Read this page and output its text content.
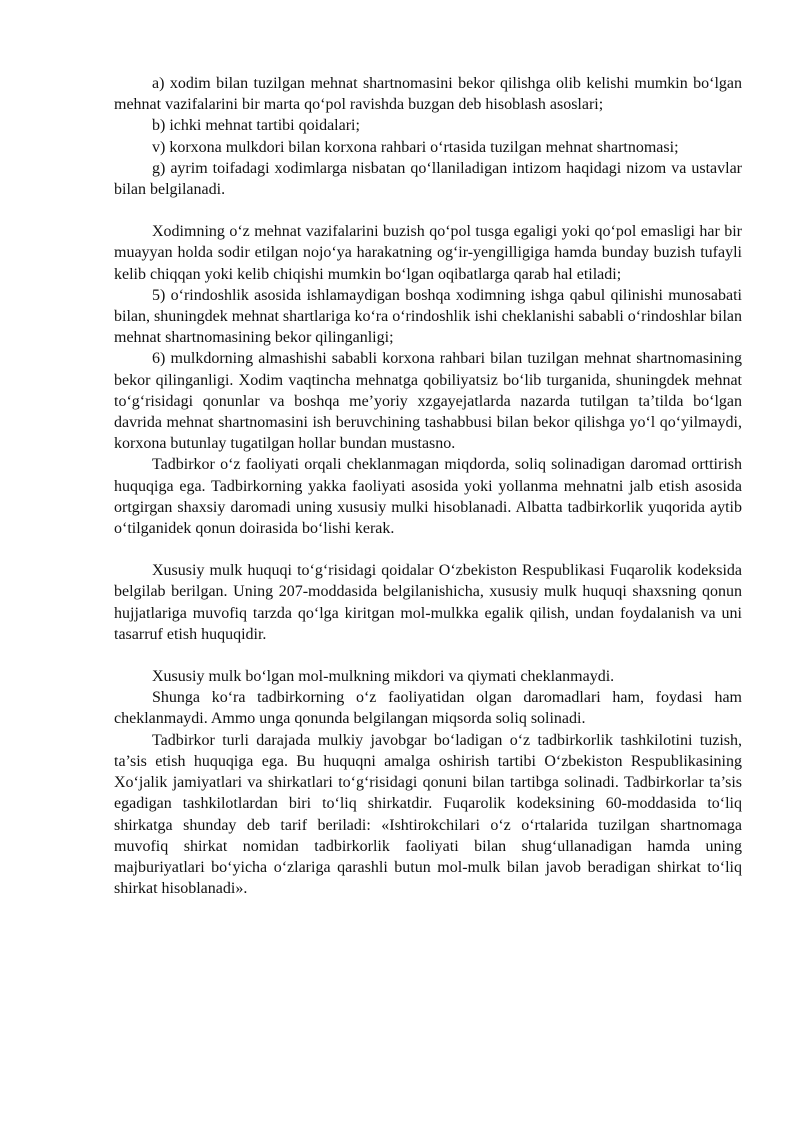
a) xodim bilan tuzilgan mehnat shartnomasini bekor qilishga olib kelishi mumkin bo‘lgan mehnat vazifalarini bir marta qo‘pol ravishda buzgan deb hisoblash asoslari;

b) ichki mehnat tartibi qoidalari;

v) korxona mulkdori bilan korxona rahbari o‘rtasida tuzilgan mehnat shartnomasi;

g) ayrim toifadagi xodimlarga nisbatan qo‘llaniladigan intizom haqidagi nizom va ustavlar bilan belgilanadi.

Xodimning o‘z mehnat vazifalarini buzish qo‘pol tusga egaligi yoki qo‘pol emasligi har bir muayyan holda sodir etilgan nojo‘ya harakatning og‘ir-yengilligiga hamda bunday buzish tufayli kelib chiqqan yoki kelib chiqishi mumkin bo‘lgan oqibatlarga qarab hal etiladi;

5) o‘rindoshlik asosida ishlamaydigan boshqa xodimning ishga qabul qilinishi munosabati bilan, shuningdek mehnat shartlariga ko‘ra o‘rindoshlik ishi cheklanishi sababli o‘rindoshlar bilan mehnat shartnomasining bekor qilinganligi;

6) mulkdorning almashishi sababli korxona rahbari bilan tuzilgan mehnat shartnomasining bekor qilinganligi. Xodim vaqtincha mehnatga qobiliyatsiz bo‘lib turganida, shuningdek mehnat to‘g‘risidagi qonunlar va boshqa me’yoriy xzgayejatlarda nazarda tutilgan ta’tilda bo‘lgan davrida mehnat shartnomasini ish beruvchining tashabbusi bilan bekor qilishga yo‘l qo‘yilmaydi, korxona butunlay tugatilgan hollar bundan mustasno.

Tadbirkor o‘z faoliyati orqali cheklanmagan miqdorda, soliq solinadigan daromad orttirish huquqiga ega. Tadbirkorning yakka faoliyati asosida yoki yollanma mehnatni jalb etish asosida ortgirgan shaxsiy daromadi uning xususiy mulki hisoblanadi. Albatta tadbirkorlik yuqorida aytib o‘tilganidek qonun doirasida bo‘lishi kerak.

Xususiy mulk huquqi to‘g‘risidagi qoidalar O‘zbekiston Respublikasi Fuqarolik kodeksida belgilab berilgan. Uning 207-moddasida belgilanishicha, xususiy mulk huquqi shaxsning qonun hujjatlariga muvofiq tarzda qo‘lga kiritgan mol-mulkka egalik qilish, undan foydalanish va uni tasarruf etish huquqidir.

Xususiy mulk bo‘lgan mol-mulkning mikdori va qiymati cheklanmaydi.

Shunga ko‘ra tadbirkorning o‘z faoliyatidan olgan daromadlari ham, foydasi ham cheklanmaydi. Ammo unga qonunda belgilangan miqsorda soliq solinadi.

Tadbirkor turli darajada mulkiy javobgar bo‘ladigan o‘z tadbirkorlik tashkilotini tuzish, ta’sis etish huquqiga ega. Bu huquqni amalga oshirish tartibi O‘zbekiston Respublikasining Xo‘jalik jamiyatlari va shirkatlari to‘g‘risidagi qonuni bilan tartibga solinadi. Tadbirkorlar ta’sis egadigan tashkilotlardan biri to‘liq shirkatdir. Fuqarolik kodeksining 60-moddasida to‘liq shirkatga shunday deb tarif beriladi: «Ishtirokchilari o‘z o‘rtalarida tuzilgan shartnomaga muvofiq shirkat nomidan tadbirkorlik faoliyati bilan shug‘ullanadigan hamda uning majburiyatlari bo‘yicha o‘zlariga qarashli butun mol-mulk bilan javob beradigan shirkat to‘liq shirkat hisoblanadi».
